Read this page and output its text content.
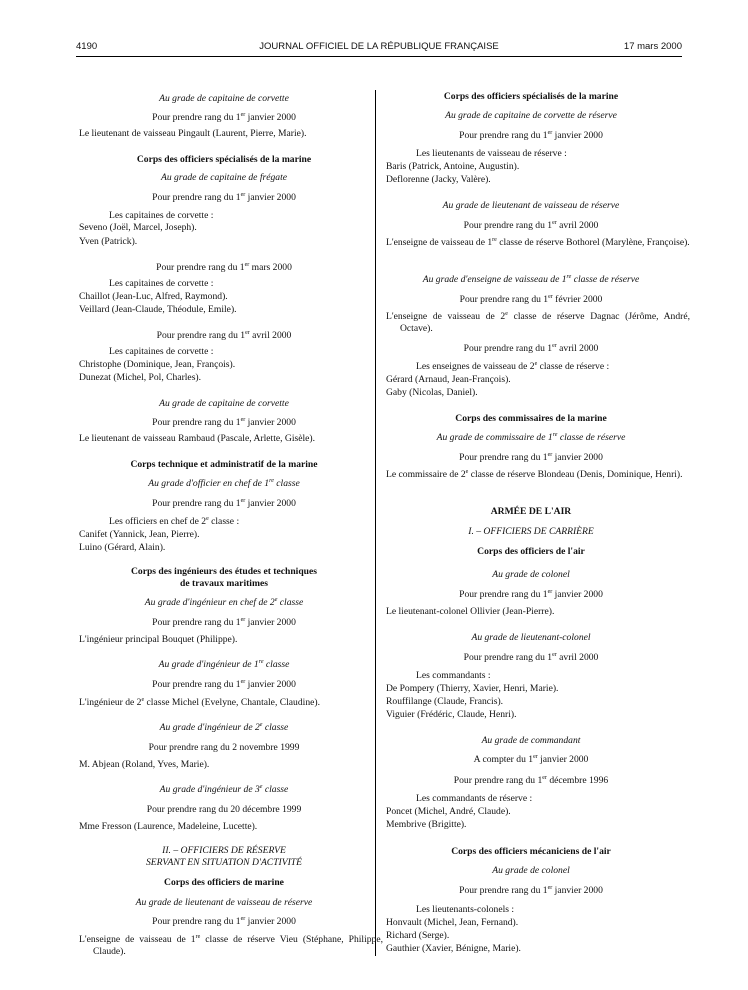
4190	JOURNAL OFFICIEL DE LA RÉPUBLIQUE FRANÇAISE	17 mars 2000
Au grade de capitaine de corvette
Pour prendre rang du 1er janvier 2000
Le lieutenant de vaisseau Pingault (Laurent, Pierre, Marie).
Corps des officiers spécialisés de la marine
Au grade de capitaine de frégate
Pour prendre rang du 1er janvier 2000
Les capitaines de corvette :
Seveno (Joël, Marcel, Joseph).
Yven (Patrick).
Pour prendre rang du 1er mars 2000
Les capitaines de corvette :
Chaillot (Jean-Luc, Alfred, Raymond).
Veillard (Jean-Claude, Théodule, Emile).
Pour prendre rang du 1er avril 2000
Les capitaines de corvette :
Christophe (Dominique, Jean, François).
Dunezat (Michel, Pol, Charles).
Au grade de capitaine de corvette
Pour prendre rang du 1er janvier 2000
Le lieutenant de vaisseau Rambaud (Pascale, Arlette, Gisèle).
Corps technique et administratif de la marine
Au grade d'officier en chef de 1re classe
Pour prendre rang du 1er janvier 2000
Les officiers en chef de 2e classe :
Canifet (Yannick, Jean, Pierre).
Luino (Gérard, Alain).
Corps des ingénieurs des études et techniques
de travaux maritimes
Au grade d'ingénieur en chef de 2e classe
Pour prendre rang du 1er janvier 2000
L'ingénieur principal Bouquet (Philippe).
Au grade d'ingénieur de 1re classe
Pour prendre rang du 1er janvier 2000
L'ingénieur de 2e classe Michel (Evelyne, Chantale, Claudine).
Au grade d'ingénieur de 2e classe
Pour prendre rang du 2 novembre 1999
M. Abjean (Roland, Yves, Marie).
Au grade d'ingénieur de 3e classe
Pour prendre rang du 20 décembre 1999
Mme Fresson (Laurence, Madeleine, Lucette).
II. – OFFICIERS DE RÉSERVE
SERVANT EN SITUATION D'ACTIVITÉ
Corps des officiers de marine
Au grade de lieutenant de vaisseau de réserve
Pour prendre rang du 1er janvier 2000
L'enseigne de vaisseau de 1re classe de réserve Vieu (Stéphane, Philippe, Claude).
Corps des officiers spécialisés de la marine
Au grade de capitaine de corvette de réserve
Pour prendre rang du 1er janvier 2000
Les lieutenants de vaisseau de réserve :
Baris (Patrick, Antoine, Augustin).
Deflorenne (Jacky, Valère).
Au grade de lieutenant de vaisseau de réserve
Pour prendre rang du 1er avril 2000
L'enseigne de vaisseau de 1re classe de réserve Bothorel (Marylène, Françoise).
Au grade d'enseigne de vaisseau de 1re classe de réserve
Pour prendre rang du 1er février 2000
L'enseigne de vaisseau de 2e classe de réserve Dagnac (Jérôme, André, Octave).
Pour prendre rang du 1er avril 2000
Les enseignes de vaisseau de 2e classe de réserve :
Gérard (Arnaud, Jean-François).
Gaby (Nicolas, Daniel).
Corps des commissaires de la marine
Au grade de commissaire de 1re classe de réserve
Pour prendre rang du 1er janvier 2000
Le commissaire de 2e classe de réserve Blondeau (Denis, Dominique, Henri).
ARMÉE DE L'AIR
I. – OFFICIERS DE CARRIÈRE
Corps des officiers de l'air
Au grade de colonel
Pour prendre rang du 1er janvier 2000
Le lieutenant-colonel Ollivier (Jean-Pierre).
Au grade de lieutenant-colonel
Pour prendre rang du 1er avril 2000
Les commandants :
De Pompery (Thierry, Xavier, Henri, Marie).
Rouffilange (Claude, Francis).
Viguier (Frédéric, Claude, Henri).
Au grade de commandant
A compter du 1er janvier 2000
Pour prendre rang du 1er décembre 1996
Les commandants de réserve :
Poncet (Michel, André, Claude).
Membrive (Brigitte).
Corps des officiers mécaniciens de l'air
Au grade de colonel
Pour prendre rang du 1er janvier 2000
Les lieutenants-colonels :
Honvault (Michel, Jean, Fernand).
Richard (Serge).
Gauthier (Xavier, Bénigne, Marie).
